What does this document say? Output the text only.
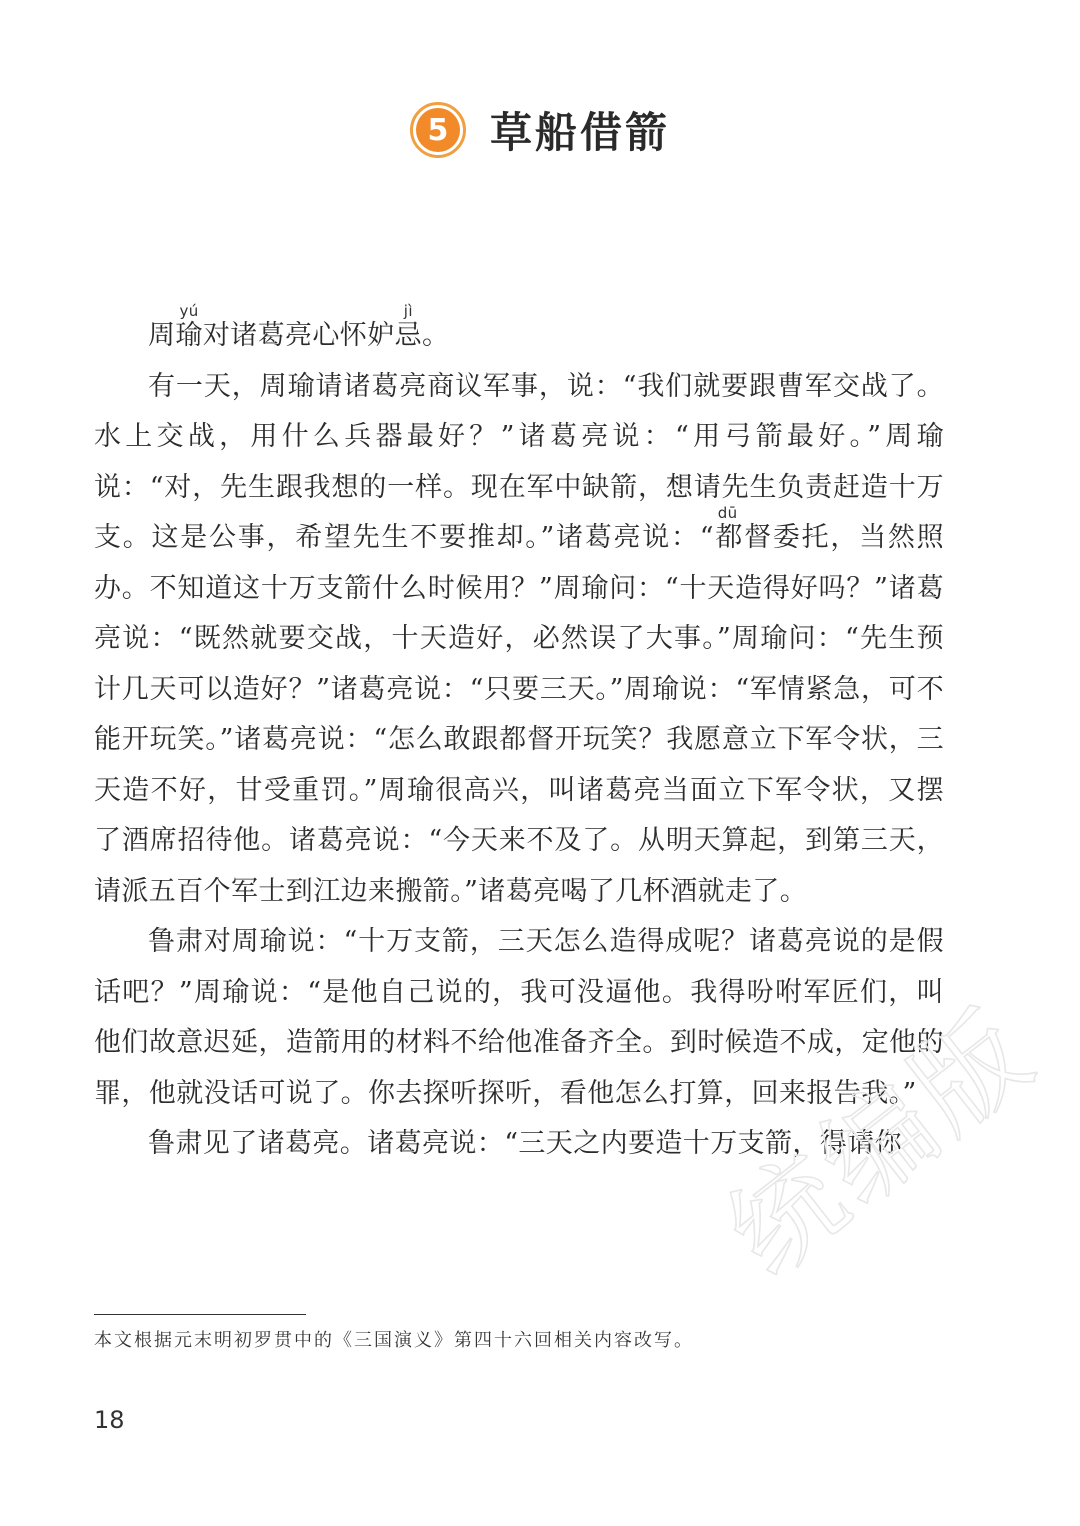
5 草船借箭

周瑜yú对诸葛亮心怀妒忌jì。

有一天，周瑜请诸葛亮商议军事，说：“我们就要跟曹军交战了。水上交战，用什么兵器最好？”诸葛亮说：“用弓箭最好。”周瑜说：“对，先生跟我想的一样。现在军中缺箭，想请先生负责赶造十万支。这是公事，希望先生不要推却。”诸葛亮说：“都dū督委托，当然照办。不知道这十万支箭什么时候用？”周瑜问：“十天造得好吗？”诸葛亮说：“既然就要交战，十天造好，必然误了大事。”周瑜问：“先生预计几天可以造好？”诸葛亮说：“只要三天。”周瑜说：“军情紧急，可不能开玩笑。”诸葛亮说：“怎么敢跟都督开玩笑？我愿意立下军令状，三天造不好，甘受重罚。”周瑜很高兴，叫诸葛亮当面立下军令状，又摆了酒席招待他。诸葛亮说：“今天来不及了。从明天算起，到第三天，请派五百个军士到江边来搬箭。”诸葛亮喝了几杯酒就走了。

鲁肃对周瑜说：“十万支箭，三天怎么造得成呢？诸葛亮说的是假话吧？”周瑜说：“是他自己说的，我可没逼他。我得吩咐军匠们，叫他们故意迟延，造箭用的材料不给他准备齐全。到时候造不成，定他的罪，他就没话可说了。你去探听探听，看他怎么打算，回来报告我。”

鲁肃见了诸葛亮。诸葛亮说：“三天之内要造十万支箭，得请你

本文根据元末明初罗贯中的《三国演义》第四十六回相关内容改写。
18
统编版
